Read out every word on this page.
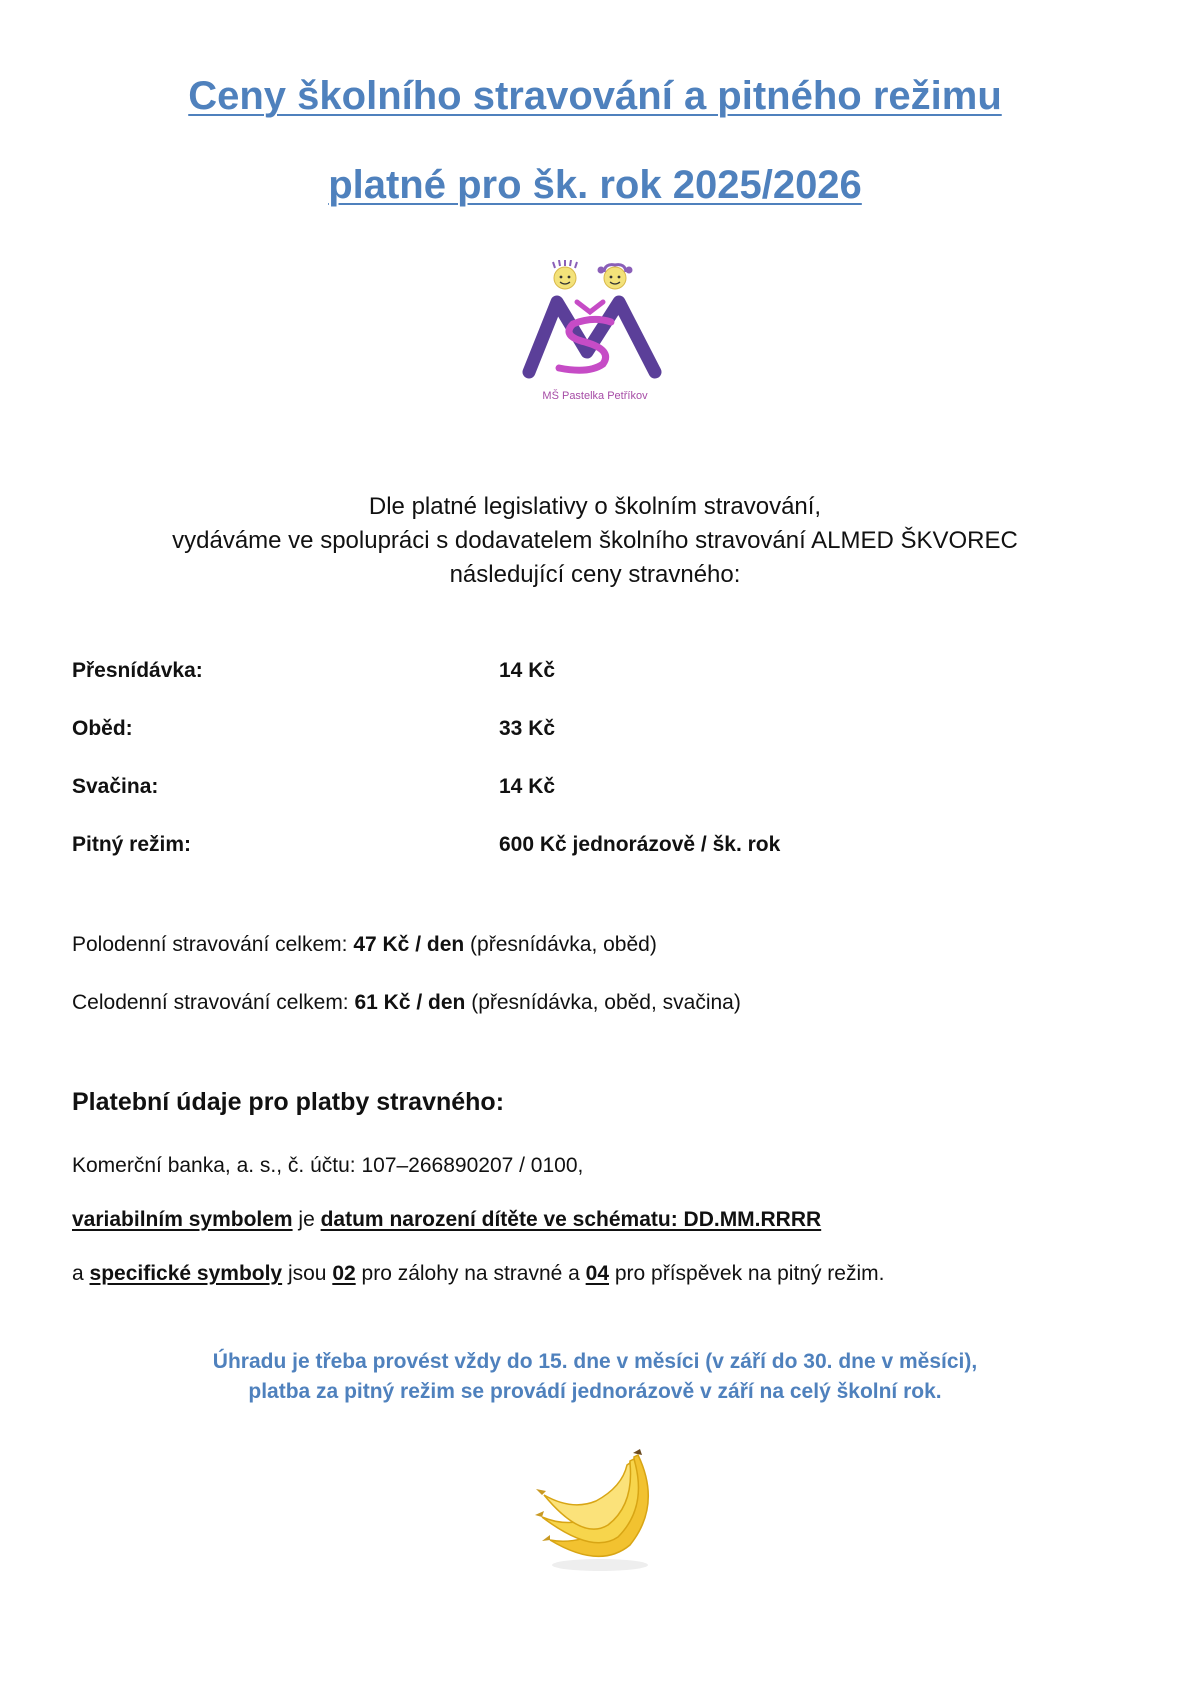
Ceny školního stravování a pitného režimu
platné pro šk. rok 2025/2026
MŠ Pastelka Petříkov
Dle platné legislativy o školním stravování,
vydáváme ve spolupráci s dodavatelem školního stravování ALMED ŠKVOREC
následující ceny stravného:
Přesnídávka:	14 Kč
Oběd:	33 Kč
Svačina:	14 Kč
Pitný režim:	600 Kč jednorázově / šk. rok
Polodenní stravování celkem: 47 Kč / den (přesnídávka, oběd)
Celodenní stravování celkem: 61 Kč / den (přesnídávka, oběd, svačina)
Platební údaje pro platby stravného:
Komerční banka, a. s., č. účtu: 107–266890207 / 0100,
variabilním symbolem je datum narození dítěte ve schématu: DD.MM.RRRR
a specifické symboly jsou 02 pro zálohy na stravné a 04 pro příspěvek na pitný režim.
Úhradu je třeba provést vždy do 15. dne v měsíci (v září do 30. dne v měsíci),
platba za pitný režim se provádí jednorázově v září na celý školní rok.
